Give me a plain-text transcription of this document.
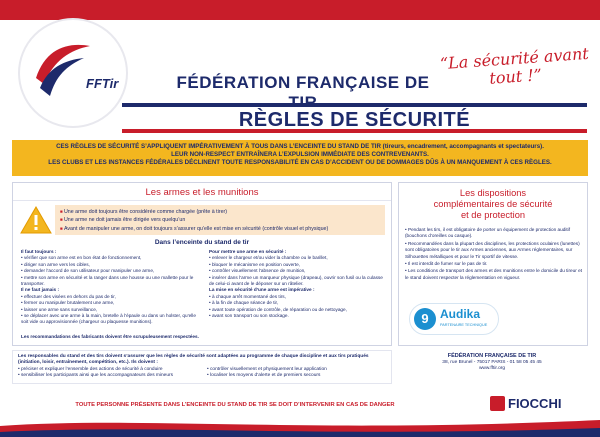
FFTir	FÉDÉRATION FRANÇAISE DE
“La sécurité avant tout !”
RÈGLES DE SÉCURITÉ

CES RÈGLES DE SÉCURITÉ S’APPLIQUENT IMPÉRATIVEMENT À TOUS DANS L’ENCEINTE DU STAND DE TIR (tireurs, encadrement, accompagnants et spectateurs).

LEUR NON-RESPECT ENTRAÎNERA L’EXPULSION IMMÉDIATE DES CONTREVENANTS.

LES CLUBS ET LES INSTANCES FÉDÉRALES DÉCLINENT TOUTE RESPONSABILITÉ EN CAS D’ACCIDENT OU DE DOMMAGES DÛS À UN MANQUEMENT À CES RÈGLES.

Les armes et les munitions
■ Une arme doit toujours être considérée comme chargée (prête à tirer)
■ Une arme ne doit jamais être dirigée vers quelqu’un
■ Avant de manipuler une arme, on doit toujours s’assurer qu’elle est mise en sécurité (contrôle visuel et physique)
Dans l’enceinte du stand de tir

Il faut toujours :

• vérifier que son arme est en bon état de fonctionnement,

• diriger son arme vers les cibles,

• demander l’accord de son utilisateur pour manipuler une arme,

• mettre son arme en sécurité et la ranger dans une housse ou une mallette pour le transporter.

Il ne faut jamais :

• effectuer des visées en dehors du pas de tir,

• fermer ou manipuler brutalement une arme,

• laisser une arme sans surveillance,

• se déplacer avec une arme à la main, bretelle à l’épaule ou dans un holster, qu’elle soit vide ou approvisionnée (chargeur ou plaquesse munitions).

Pour mettre une arme en sécurité :

• enlever le chargeur et/ou vider la chambre ou le barillet,

• bloquer le mécanisme en position ouverte,

• contrôler visuellement l’absence de munition,

• insérer dans l’arme un marqueur physique (drapeau), ouvrir son fusil ou la culasse de celui-ci avant de le déposer sur un râtelier.

La mise en sécurité d’une arme est impérative :

• à chaque arrêt momentané des tirs,

• à la fin de chaque séance de tir,

• avant toute opération de contrôle, de réparation ou de nettoyage,

• avant son transport ou son stockage.

Les recommandations des fabricants doivent être scrupuleusement respectées.
Les dispositions
complémentaires de sécurité
et de protection

• Pendant les tirs, il est obligatoire de porter un équipement de protection auditif (bouchons d’oreilles ou casque).

• Recommandées dans la plupart des disciplines, les protections oculaires (lunettes) sont obligatoires pour le tir aux Armes anciennes, aux Armes réglementaires, sur Silhouettes métalliques et pour le Tir sportif de vitesse.

• Il est interdit de fumer sur le pas de tir.

• Les conditions de transport des armes et des munitions entre le domicile du tireur et le stand doivent respecter la réglementation en vigueur.

9 Audika
PARTENAIRE TECHNIQUE

Les responsables du stand et des tirs doivent s’assurer que les règles de sécurité sont adaptées au programme de chaque discipline et aux tirs pratiqués (initiation, loisir, entraînement, compétition, etc.). Ils doivent :

• préciser et expliquer l’ensemble des actions de sécurité à conduire

• sensibiliser les participants ainsi que les accompagnateurs des mineurs

• contrôler visuellement et physiquement leur application

• localiser les moyens d’alerte et de premiers secours

FÉDÉRATION FRANÇAISE DE TIR

38, rue Brunel - 75017 PARIS - 01 58 05 45 45

www.fftir.org

TOUTE PERSONNE PRÉSENTE DANS L’ENCEINTE DU STAND DE TIR SE DOIT D’INTERVENIR EN CAS DE DANGER	FIOCCHI
